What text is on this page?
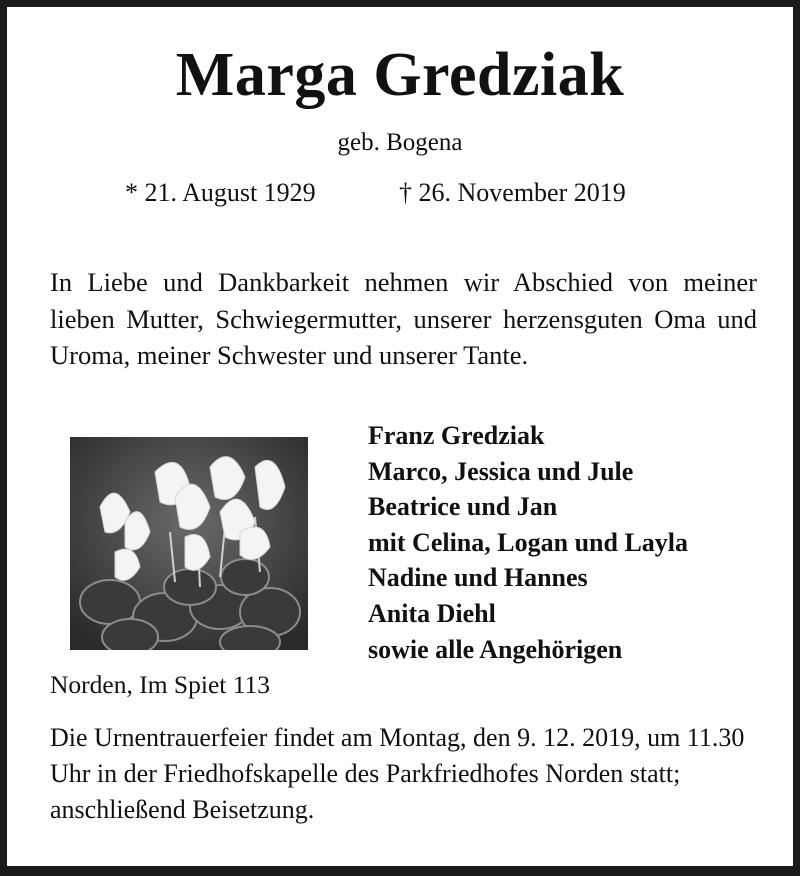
Marga Gredziak
geb. Bogena
* 21. August 1929	† 26. November 2019
In Liebe und Dankbarkeit nehmen wir Abschied von meiner lieben Mutter, Schwiegermutter, unserer herzensguten Oma und Uroma, meiner Schwester und unserer Tante.
Franz Gredziak
Marco, Jessica und Jule
Beatrice und Jan
mit Celina, Logan und Layla
Nadine und Hannes
Anita Diehl
sowie alle Angehörigen
Norden, Im Spiet 113
Die Urnentrauerfeier findet am Montag, den 9. 12. 2019, um 11.30 Uhr in der Friedhofskapelle des Parkfriedhofes Norden statt; anschließend Beisetzung.
